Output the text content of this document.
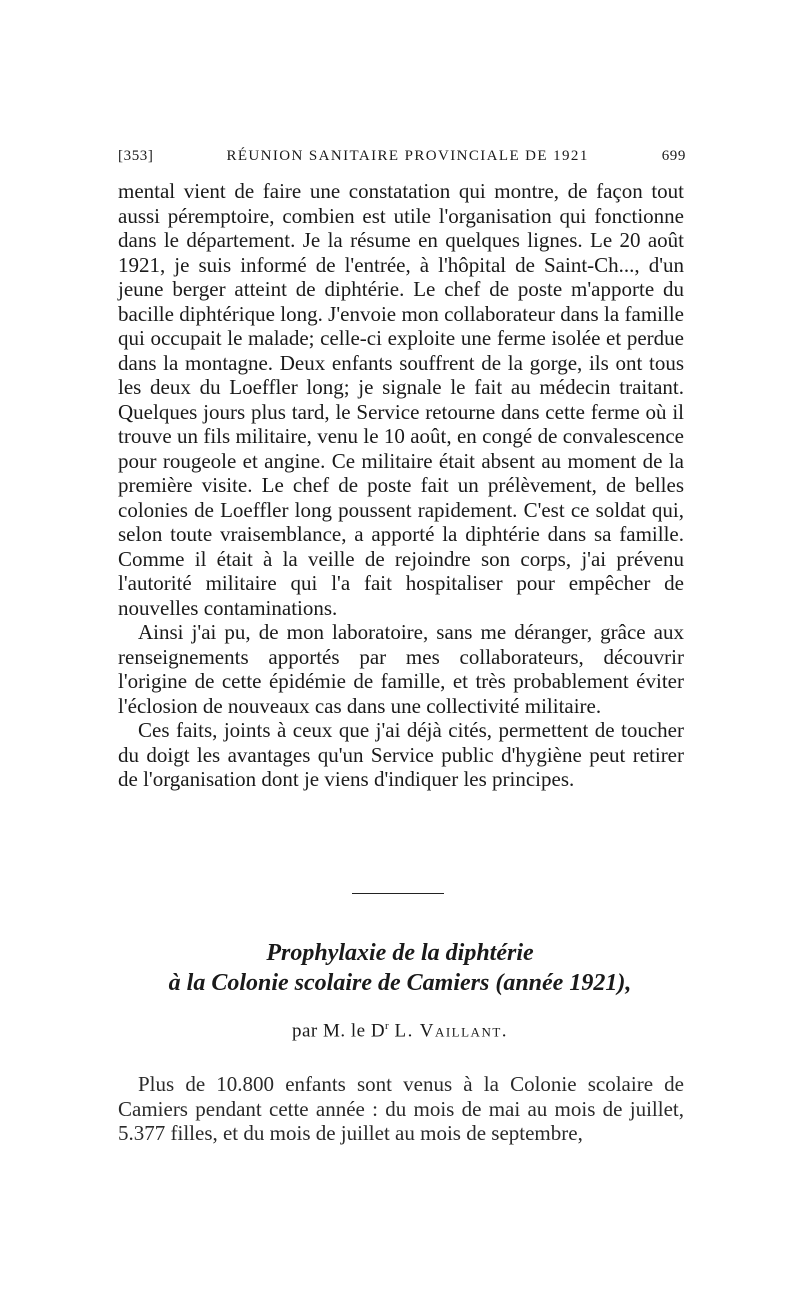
[353]	RÉUNION SANITAIRE PROVINCIALE DE 1921	699

mental vient de faire une constatation qui montre, de façon tout aussi péremptoire, combien est utile l'organisation qui fonctionne dans le département. Je la résume en quelques lignes. Le 20 août 1921, je suis informé de l'entrée, à l'hôpital de Saint-Ch..., d'un jeune berger atteint de diphtérie. Le chef de poste m'apporte du bacille diphtérique long. J'envoie mon collaborateur dans la famille qui occupait le malade; celle-ci exploite une ferme isolée et perdue dans la montagne. Deux enfants souffrent de la gorge, ils ont tous les deux du Loeffler long; je signale le fait au médecin traitant. Quelques jours plus tard, le Service retourne dans cette ferme où il trouve un fils militaire, venu le 10 août, en congé de convalescence pour rougeole et angine. Ce militaire était absent au moment de la première visite. Le chef de poste fait un prélèvement, de belles colonies de Loeffler long poussent rapidement. C'est ce soldat qui, selon toute vraisemblance, a apporté la diphtérie dans sa famille. Comme il était à la veille de rejoindre son corps, j'ai prévenu l'autorité militaire qui l'a fait hospitaliser pour empêcher de nouvelles contaminations.

Ainsi j'ai pu, de mon laboratoire, sans me déranger, grâce aux renseignements apportés par mes collaborateurs, découvrir l'origine de cette épidémie de famille, et très probablement éviter l'éclosion de nouveaux cas dans une collectivité militaire.

Ces faits, joints à ceux que j'ai déjà cités, permettent de toucher du doigt les avantages qu'un Service public d'hygiène peut retirer de l'organisation dont je viens d'indiquer les principes.

Prophylaxie de la diphtérie
à la Colonie scolaire de Camiers (année 1921),
par M. le $D^r$ L. Vaillant.

Plus de 10.800 enfants sont venus à la Colonie scolaire de Camiers pendant cette année : du mois de mai au mois de juillet, 5.377 filles, et du mois de juillet au mois de septembre,
